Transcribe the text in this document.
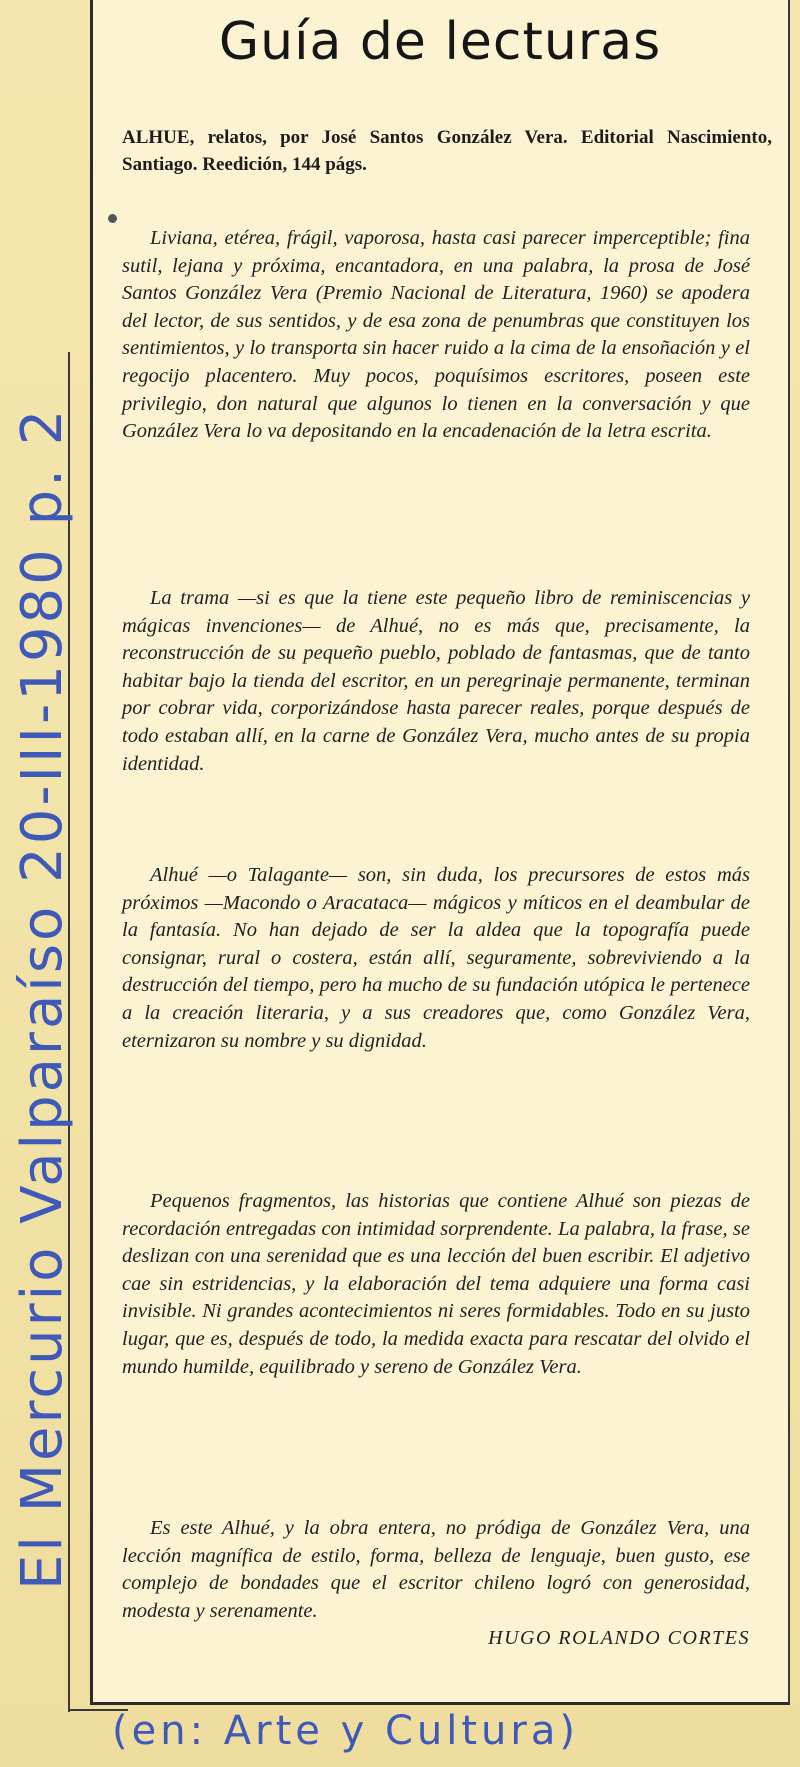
Guía de lecturas
ALHUE, relatos, por José Santos González Vera. Editorial Nascimiento, Santiago. Reedición, 144 págs.
Liviana, etérea, frágil, vaporosa, hasta casi parecer imperceptible; fina sutil, lejana y próxima, encantadora, en una palabra, la prosa de José Santos González Vera (Premio Nacional de Literatura, 1960) se apodera del lector, de sus sentidos, y de esa zona de penumbras que constituyen los sentimientos, y lo transporta sin hacer ruido a la cima de la ensoñación y el regocijo placentero. Muy pocos, poquísimos escritores, poseen este privilegio, don natural que algunos lo tienen en la conversación y que González Vera lo va depositando en la encadenación de la letra escrita.
La trama —si es que la tiene este pequeño libro de reminiscencias y mágicas invenciones— de Alhué, no es más que, precisamente, la reconstrucción de su pequeño pueblo, poblado de fantasmas, que de tanto habitar bajo la tienda del escritor, en un peregrinaje permanente, terminan por cobrar vida, corporizándose hasta parecer reales, porque después de todo estaban allí, en la carne de González Vera, mucho antes de su propia identidad.
Alhué —o Talagante— son, sin duda, los precursores de estos más próximos —Macondo o Aracataca— mágicos y míticos en el deambular de la fantasía. No han dejado de ser la aldea que la topografía puede consignar, rural o costera, están allí, seguramente, sobreviviendo a la destrucción del tiempo, pero ha mucho de su fundación utópica le pertenece a la creación literaria, y a sus creadores que, como González Vera, eternizaron su nombre y su dignidad.
Pequenos fragmentos, las historias que contiene Alhué son piezas de recordación entregadas con intimidad sorprendente. La palabra, la frase, se deslizan con una serenidad que es una lección del buen escribir. El adjetivo cae sin estridencias, y la elaboración del tema adquiere una forma casi invisible. Ni grandes acontecimientos ni seres formidables. Todo en su justo lugar, que es, después de todo, la medida exacta para rescatar del olvido el mundo humilde, equilibrado y sereno de González Vera.
Es este Alhué, y la obra entera, no pródiga de González Vera, una lección magnífica de estilo, forma, belleza de lenguaje, buen gusto, ese complejo de bondades que el escritor chileno logró con generosidad, modesta y serenamente.
HUGO ROLANDO CORTES
El Mercurio Valparaíso 20-III-1980 p. 2
(en: Arte y Cultura)
